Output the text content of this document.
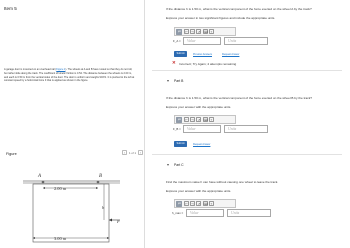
Item 5
A garage door is mounted on an overhead rail (Figure 1). The wheels at A and B have rusted so that they do not roll, but rather slide along the track. The coefficient of kinetic friction is 0.54. The distance between the wheels is 2.00 m, and each is 0.50 m from the vertical sides of the door. The door is uniform and weighs 903 N. It is pushed to the left at constant speed by a horizontal force F that is applied as shown in the figure.
Figure	‹	1 of 1	›
A	B
2.00 m
3.00 m
h
F
If the distance h is 1.50 m, what is the vertical component of the force exerted on the wheel A by the track?
Express your answer in two significant figures and include the appropriate units.
μA	↶	↷	↺	⌨	?
F_A =	Value	Units
Submit	Previous Answers	Request Answer
✕ Incorrect; Try Again; 4 attempts remaining
Part B
If the distance h is 1.50 m, what is the vertical component of the force exerted on the wheel B by the track?
Express your answer with the appropriate units.
μA	↶	↷	↺	⌨	?
F_B =	Value	Units
Submit	Request Answer
Part C
Find the maximum value h can have without causing one wheel to leave the track.
Express your answer with the appropriate units.
μA	↶	↷	↺	⌨	?
h_max =	Value	Units
